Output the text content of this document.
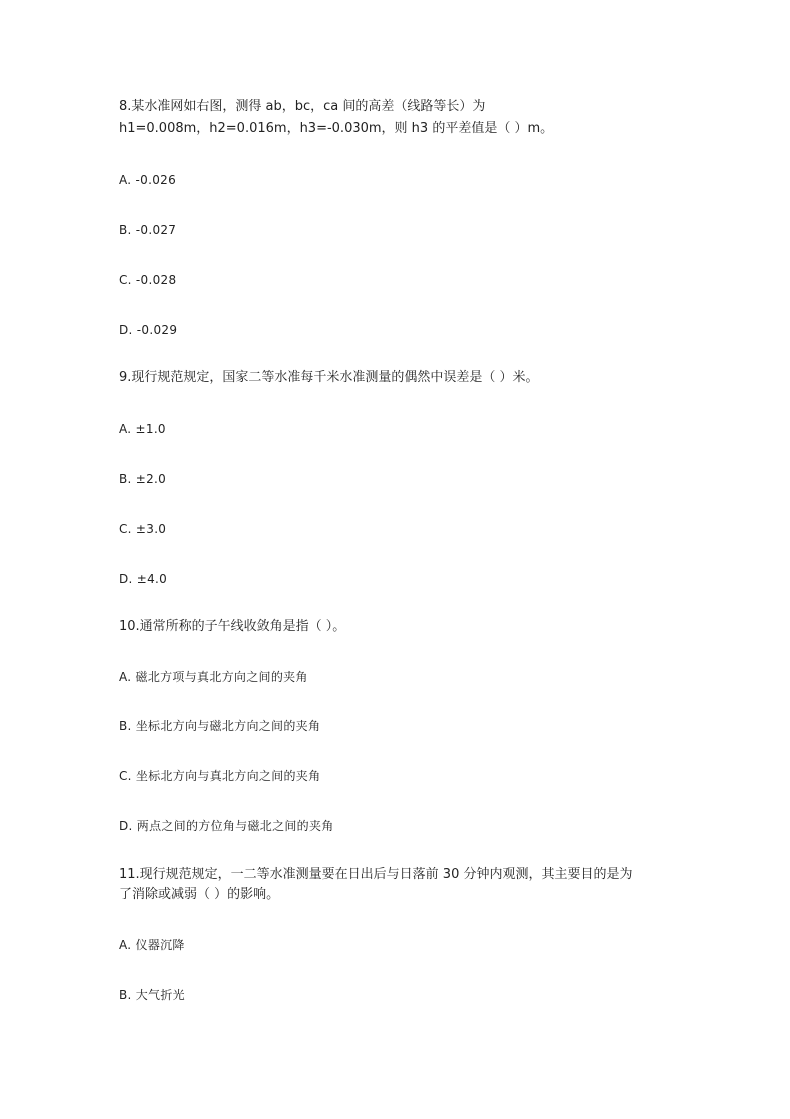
8.某水准网如右图，测得 ab，bc，ca 间的高差（线路等长）为
h1=0.008m，h2=0.016m，h3=-0.030m，则 h3 的平差值是（ ）m。
A. -0.026
B. -0.027
C. -0.028
D. -0.029
9.现行规范规定，国家二等水准每千米水准测量的偶然中误差是（ ）米。
A. ±1.0
B. ±2.0
C. ±3.0
D. ±4.0
10.通常所称的子午线收敛角是指（ ）。
A. 磁北方项与真北方向之间的夹角
B. 坐标北方向与磁北方向之间的夹角
C. 坐标北方向与真北方向之间的夹角
D. 两点之间的方位角与磁北之间的夹角
11.现行规范规定，一二等水准测量要在日出后与日落前 30 分钟内观测，其主要目的是为
了消除或减弱（ ）的影响。
A. 仪器沉降
B. 大气折光
